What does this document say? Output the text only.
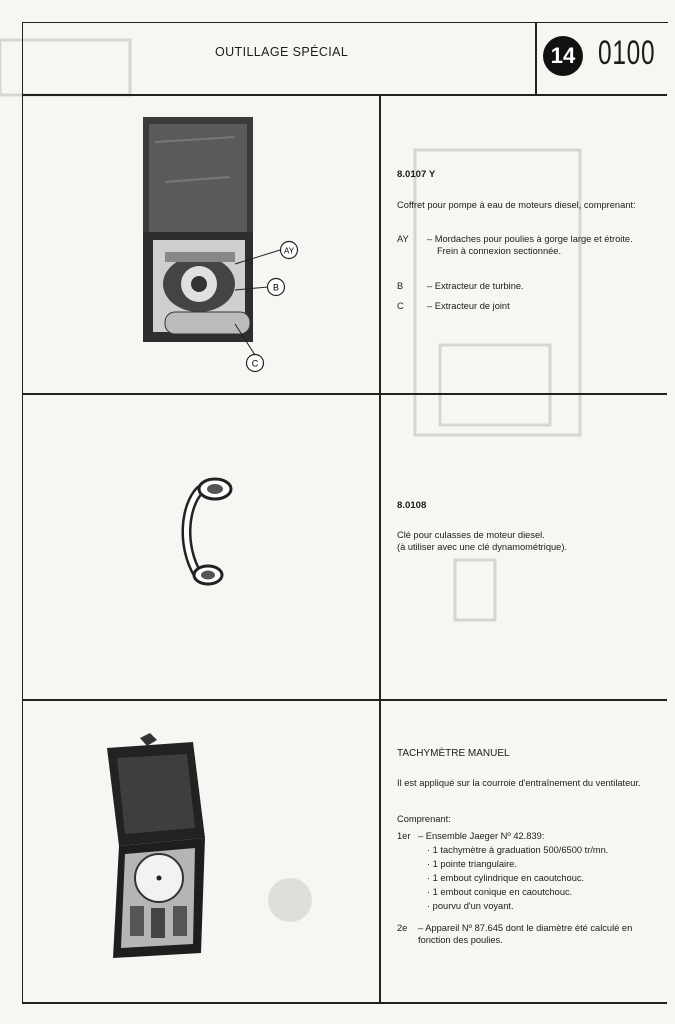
OUTILLAGE SPÉCIAL	14 0100
AY
B
C
8.0107 Y
Coffret pour pompe à eau de moteurs diesel, comprenant:
AY – Mordaches pour poulies à gorge large et étroite.
Frein à connexion sectionnée.
B	– Extracteur de turbine.
C	– Extracteur de joint
8.0108
Clé pour culasses de moteur diesel.
(à utiliser avec une clé dynamométrique).
TACHYMÈTRE MANUEL
Il est appliqué sur la courroie d'entraînement du ventilateur.
Comprenant:
1er – Ensemble Jaeger Nº 42.839:
· 1 tachymètre à graduation 500/6500 tr/mn.
· 1 pointe triangulaire.
· 1 embout cylindrique en caoutchouc.
· 1 embout conique en caoutchouc.
· pourvu d'un voyant.
2e – Appareil Nº 87.645 dont le diamètre été calculé en fonction des poulies.
